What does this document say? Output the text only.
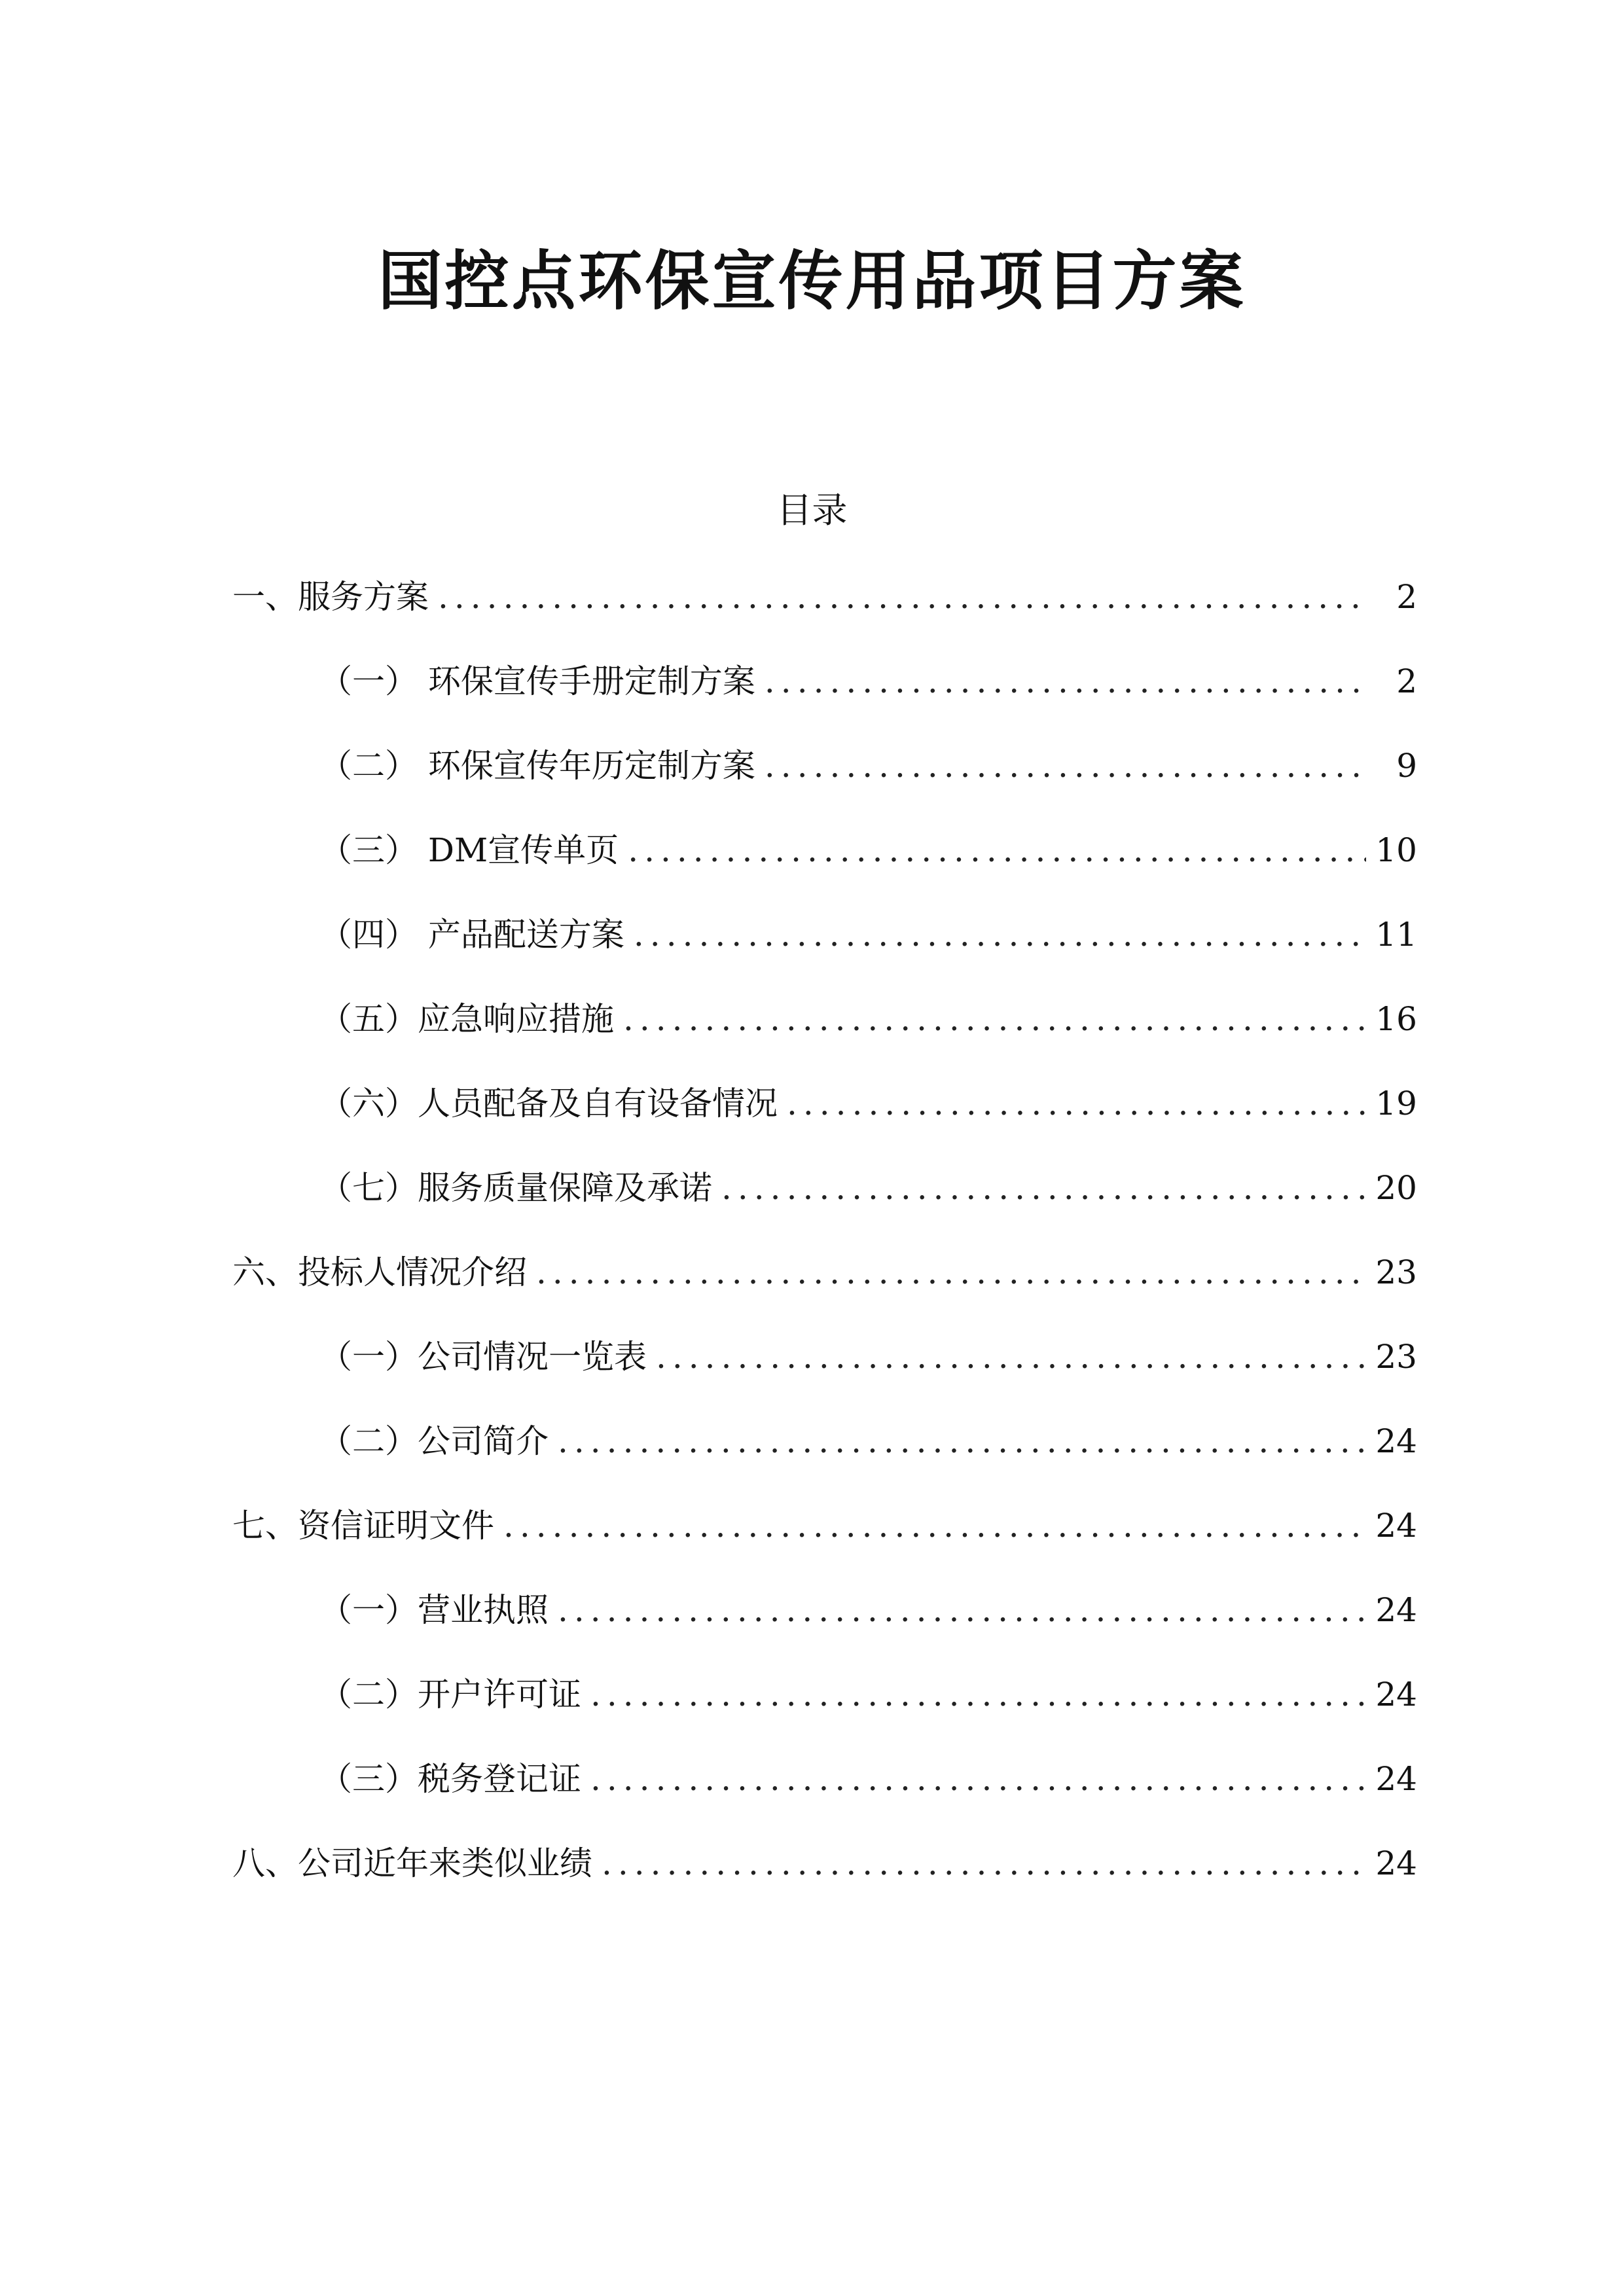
国控点环保宣传用品项目方案
目录
一、服务方案 .....	2
（一） 环保宣传手册定制方案 .....	2
（二） 环保宣传年历定制方案 .....	9
（三） DM宣传单页 .....	10
（四） 产品配送方案 .....	11
（五）应急响应措施 .....	16
（六）人员配备及自有设备情况 .....	19
（七）服务质量保障及承诺 .....	20
六、投标人情况介绍 .....	23
（一）公司情况一览表 .....	23
（二）公司简介 .....	24
七、资信证明文件 .....	24
（一）营业执照 .....	24
（二）开户许可证 .....	24
（三）税务登记证 .....	24
八、公司近年来类似业绩 .....	24
